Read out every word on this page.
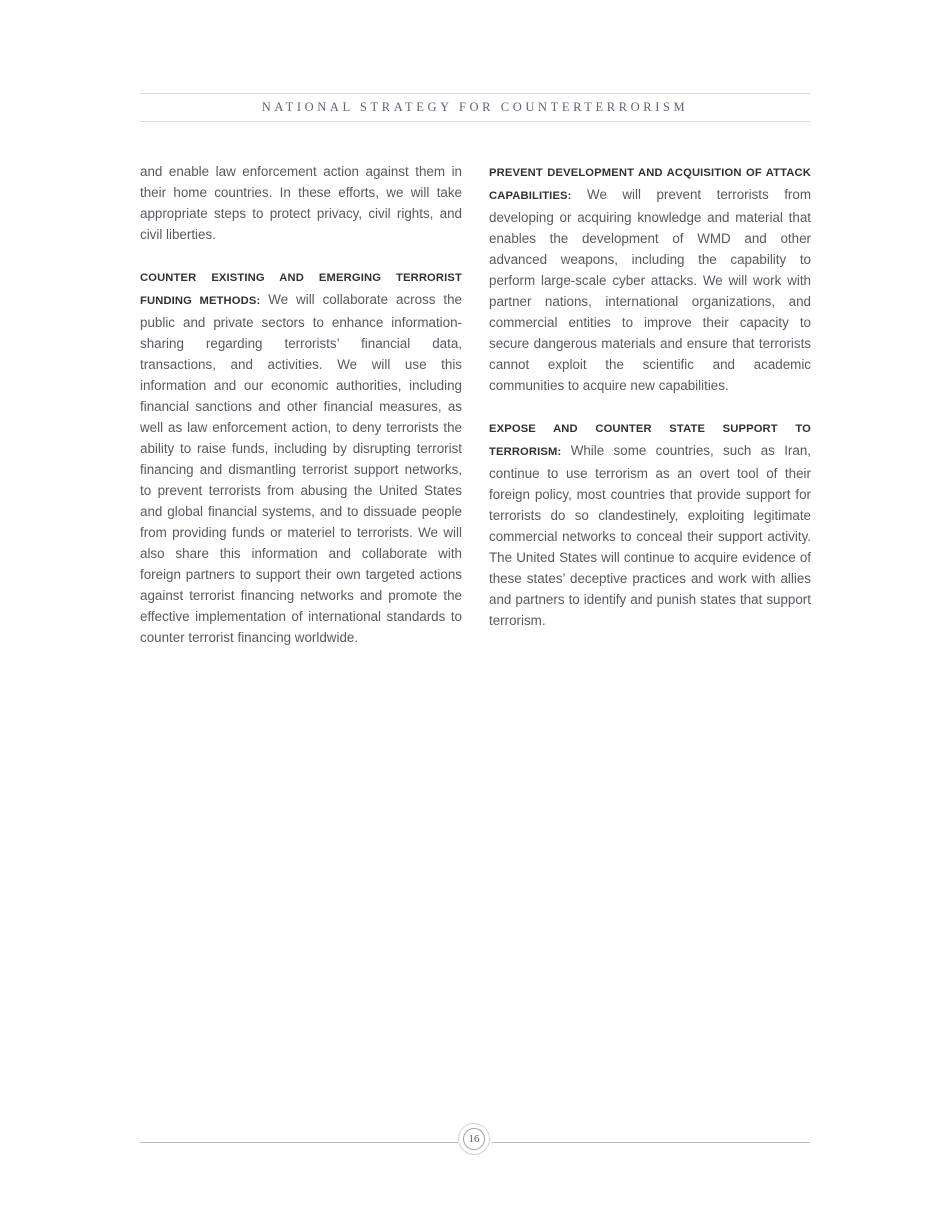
NATIONAL STRATEGY FOR COUNTERTERRORISM

and enable law enforcement action against them in their home countries. In these efforts, we will take appropriate steps to protect privacy, civil rights, and civil liberties.

COUNTER EXISTING AND EMERGING TERRORIST FUNDING METHODS: We will collaborate across the public and private sectors to enhance information-sharing regarding terrorists’ financial data, transactions, and activities. We will use this information and our economic authorities, including financial sanctions and other financial measures, as well as law enforcement action, to deny terrorists the ability to raise funds, including by disrupting terrorist financing and dismantling terrorist support networks, to prevent terrorists from abusing the United States and global financial systems, and to dissuade people from providing funds or materiel to terrorists. We will also share this information and collaborate with foreign partners to support their own targeted actions against terrorist financing networks and promote the effective implementation of international standards to counter terrorist financing worldwide.

PREVENT DEVELOPMENT AND ACQUISITION OF ATTACK CAPABILITIES: We will prevent terrorists from developing or acquiring knowledge and material that enables the development of WMD and other advanced weapons, including the capability to perform large-scale cyber attacks. We will work with partner nations, international organizations, and commercial entities to improve their capacity to secure dangerous materials and ensure that terrorists cannot exploit the scientific and academic communities to acquire new capabilities.

EXPOSE AND COUNTER STATE SUPPORT TO TERRORISM: While some countries, such as Iran, continue to use terrorism as an overt tool of their foreign policy, most countries that provide support for terrorists do so clandestinely, exploiting legitimate commercial networks to conceal their support activity. The United States will continue to acquire evidence of these states’ deceptive practices and work with allies and partners to identify and punish states that support terrorism.

16
